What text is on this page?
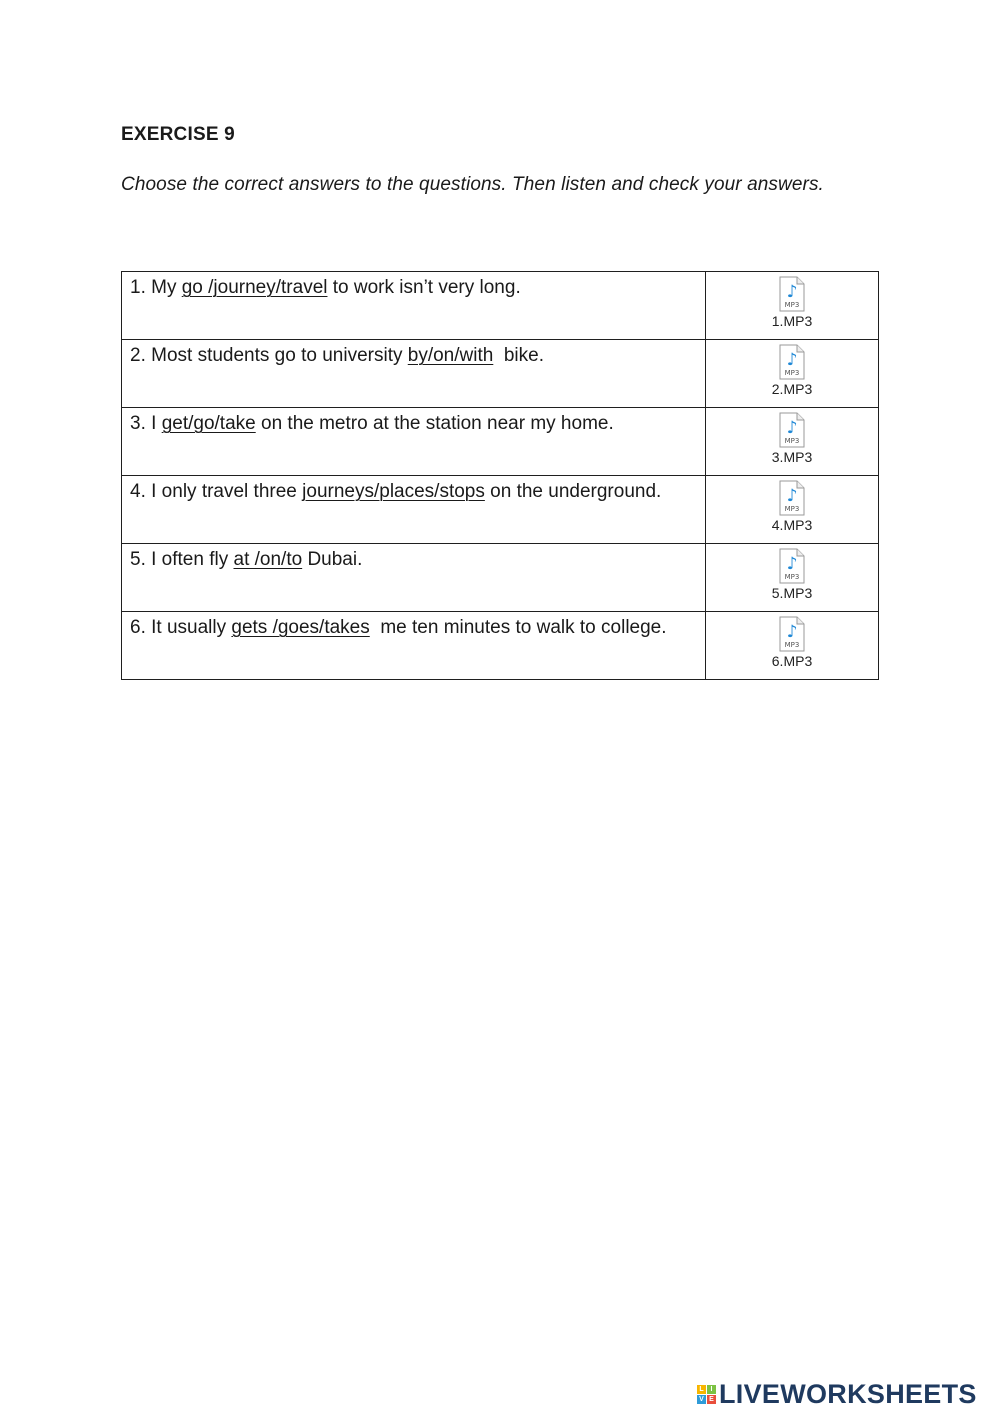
EXERCISE 9
Choose the correct answers to the questions. Then listen and check your answers.
1. My go /journey/travel to work isn’t very long.	♪
MP3
1.MP3

2. Most students go to university by/on/with  bike.	♪
MP3
2.MP3

3. I get/go/take on the metro at the station near my home.	♪
MP3
3.MP3

4. I only travel three journeys/places/stops on the underground.	♪
MP3
4.MP3

5. I often fly at /on/to Dubai.	♪
MP3
5.MP3

6. It usually gets /goes/takes  me ten minutes to walk to college.	♪
MP3
6.MP3
L I
V E LIVEWORKSHEETS
